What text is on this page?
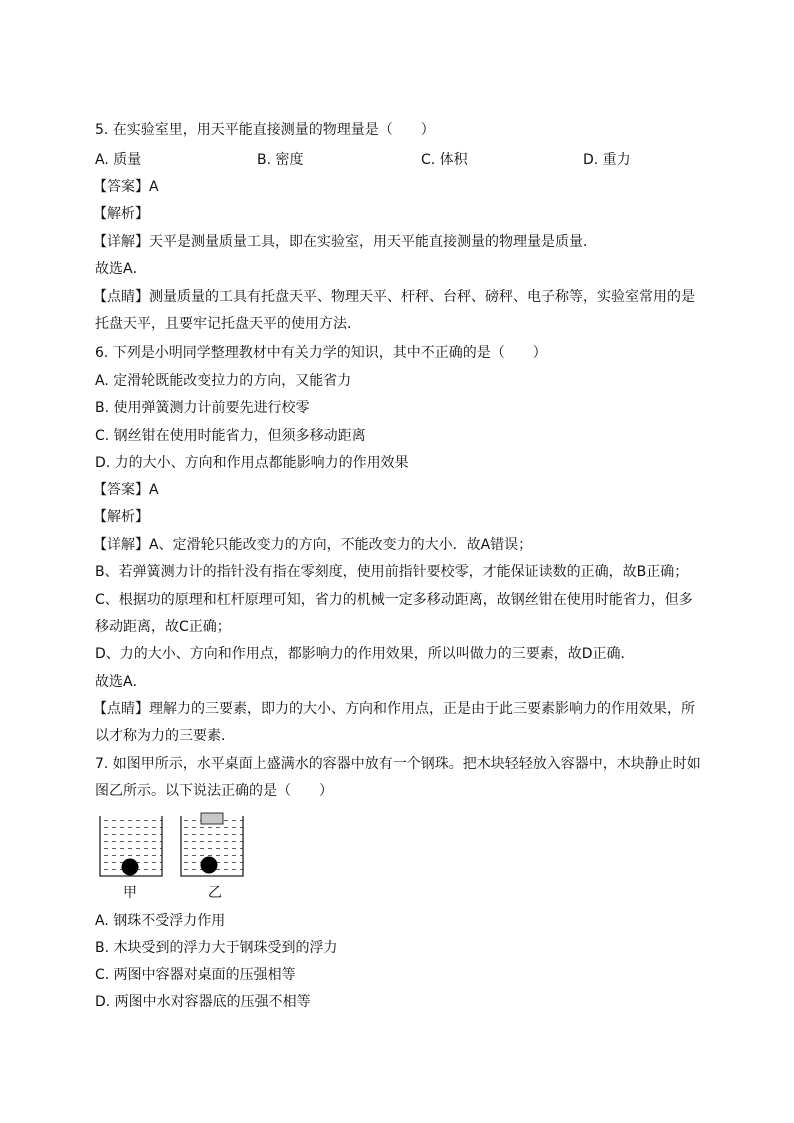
5. 在实验室里，用天平能直接测量的物理量是（　　）
A. 质量	B. 密度	C. 体积	D. 重力
【答案】A
【解析】
【详解】天平是测量质量工具，即在实验室，用天平能直接测量的物理量是质量．
故选A．
【点睛】测量质量的工具有托盘天平、物理天平、杆秤、台秤、磅秤、电子称等，实验室常用的是
托盘天平，且要牢记托盘天平的使用方法．
6. 下列是小明同学整理教材中有关力学的知识，其中不正确的是（　　）
A. 定滑轮既能改变拉力的方向，又能省力
B. 使用弹簧测力计前要先进行校零
C. 钢丝钳在使用时能省力，但须多移动距离
D. 力的大小、方向和作用点都能影响力的作用效果
【答案】A
【解析】
【详解】A、定滑轮只能改变力的方向，不能改变力的大小．故A错误；
B、若弹簧测力计的指针没有指在零刻度，使用前指针要校零，才能保证读数的正确，故B正确；
C、根据功的原理和杠杆原理可知，省力的机械一定多移动距离，故钢丝钳在使用时能省力，但多
移动距离，故C正确；
D、力的大小、方向和作用点，都影响力的作用效果，所以叫做力的三要素，故D正确．
故选A．
【点睛】理解力的三要素，即力的大小、方向和作用点，正是由于此三要素影响力的作用效果，所
以才称为力的三要素．
7. 如图甲所示，水平桌面上盛满水的容器中放有一个钢珠。把木块轻轻放入容器中，木块静止时如
图乙所示。以下说法正确的是（　　）
甲	乙
A. 钢珠不受浮力作用
B. 木块受到的浮力大于钢珠受到的浮力
C. 两图中容器对桌面的压强相等
D. 两图中水对容器底的压强不相等
